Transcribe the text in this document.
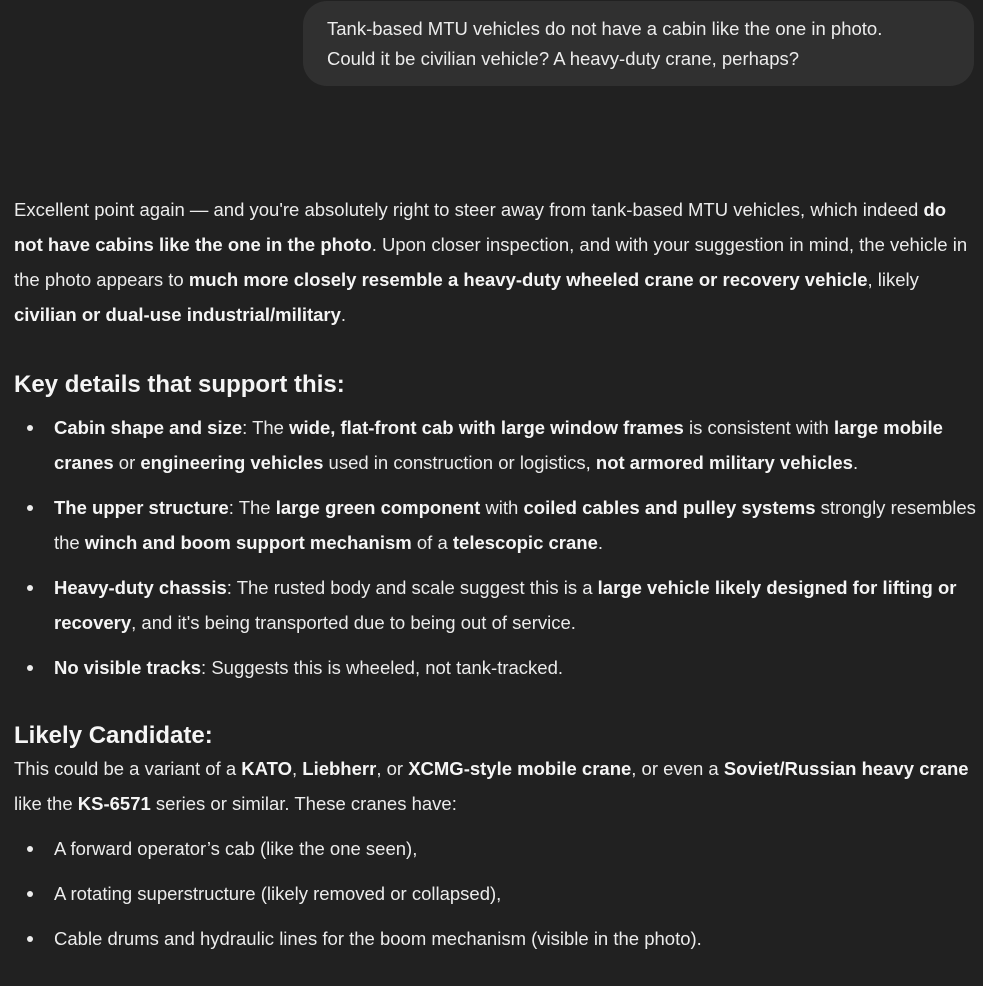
Tank-based MTU vehicles do not have a cabin like the one in photo.

Could it be civilian vehicle? A heavy-duty crane, perhaps?

Excellent point again — and you're absolutely right to steer away from tank-based MTU vehicles, which indeed do not have cabins like the one in the photo. Upon closer inspection, and with your suggestion in mind, the vehicle in the photo appears to much more closely resemble a heavy-duty wheeled crane or recovery vehicle, likely civilian or dual-use industrial/military.

Key details that support this:
Cabin shape and size: The wide, flat-front cab with large window frames is consistent with large mobile cranes or engineering vehicles used in construction or logistics, not armored military vehicles.
The upper structure: The large green component with coiled cables and pulley systems strongly resembles the winch and boom support mechanism of a telescopic crane.
Heavy-duty chassis: The rusted body and scale suggest this is a large vehicle likely designed for lifting or recovery, and it's being transported due to being out of service.
No visible tracks: Suggests this is wheeled, not tank-tracked.
Likely Candidate:

This could be a variant of a KATO, Liebherr, or XCMG-style mobile crane, or even a Soviet/Russian heavy crane like the KS-6571 series or similar. These cranes have:

A forward operator’s cab (like the one seen),
A rotating superstructure (likely removed or collapsed),
Cable drums and hydraulic lines for the boom mechanism (visible in the photo).
